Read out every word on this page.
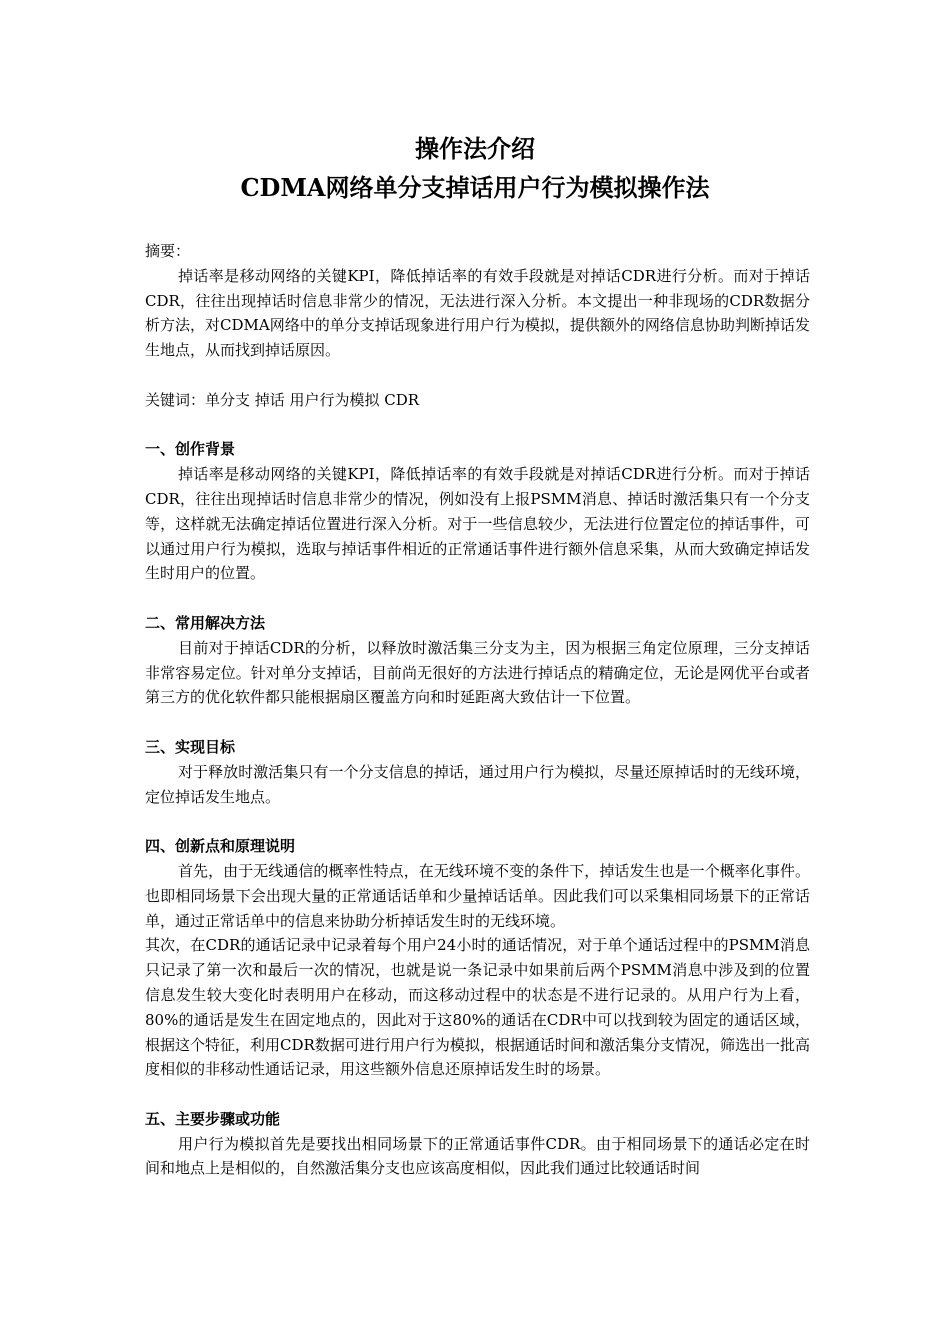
操作法介绍
CDMA网络单分支掉话用户行为模拟操作法

摘要：

掉话率是移动网络的关键KPI，降低掉话率的有效手段就是对掉话CDR进行分析。而对于掉话CDR，往往出现掉话时信息非常少的情况，无法进行深入分析。本文提出一种非现场的CDR数据分析方法，对CDMA网络中的单分支掉话现象进行用户行为模拟，提供额外的网络信息协助判断掉话发生地点，从而找到掉话原因。

关键词：单分支 掉话 用户行为模拟 CDR

一、创作背景

掉话率是移动网络的关键KPI，降低掉话率的有效手段就是对掉话CDR进行分析。而对于掉话CDR，往往出现掉话时信息非常少的情况，例如没有上报PSMM消息、掉话时激活集只有一个分支等，这样就无法确定掉话位置进行深入分析。对于一些信息较少，无法进行位置定位的掉话事件，可以通过用户行为模拟，选取与掉话事件相近的正常通话事件进行额外信息采集，从而大致确定掉话发生时用户的位置。

二、常用解决方法

目前对于掉话CDR的分析，以释放时激活集三分支为主，因为根据三角定位原理，三分支掉话非常容易定位。针对单分支掉话，目前尚无很好的方法进行掉话点的精确定位，无论是网优平台或者第三方的优化软件都只能根据扇区覆盖方向和时延距离大致估计一下位置。

三、实现目标

对于释放时激活集只有一个分支信息的掉话，通过用户行为模拟，尽量还原掉话时的无线环境，定位掉话发生地点。

四、创新点和原理说明

首先，由于无线通信的概率性特点，在无线环境不变的条件下，掉话发生也是一个概率化事件。也即相同场景下会出现大量的正常通话话单和少量掉话话单。因此我们可以采集相同场景下的正常话单，通过正常话单中的信息来协助分析掉话发生时的无线环境。

其次，在CDR的通话记录中记录着每个用户24小时的通话情况，对于单个通话过程中的PSMM消息只记录了第一次和最后一次的情况，也就是说一条记录中如果前后两个PSMM消息中涉及到的位置信息发生较大变化时表明用户在移动，而这移动过程中的状态是不进行记录的。从用户行为上看，80%的通话是发生在固定地点的，因此对于这80%的通话在CDR中可以找到较为固定的通话区域，根据这个特征，利用CDR数据可进行用户行为模拟，根据通话时间和激活集分支情况，筛选出一批高度相似的非移动性通话记录，用这些额外信息还原掉话发生时的场景。

五、主要步骤或功能

用户行为模拟首先是要找出相同场景下的正常通话事件CDR。由于相同场景下的通话必定在时间和地点上是相似的，自然激活集分支也应该高度相似，因此我们通过比较通话时间
